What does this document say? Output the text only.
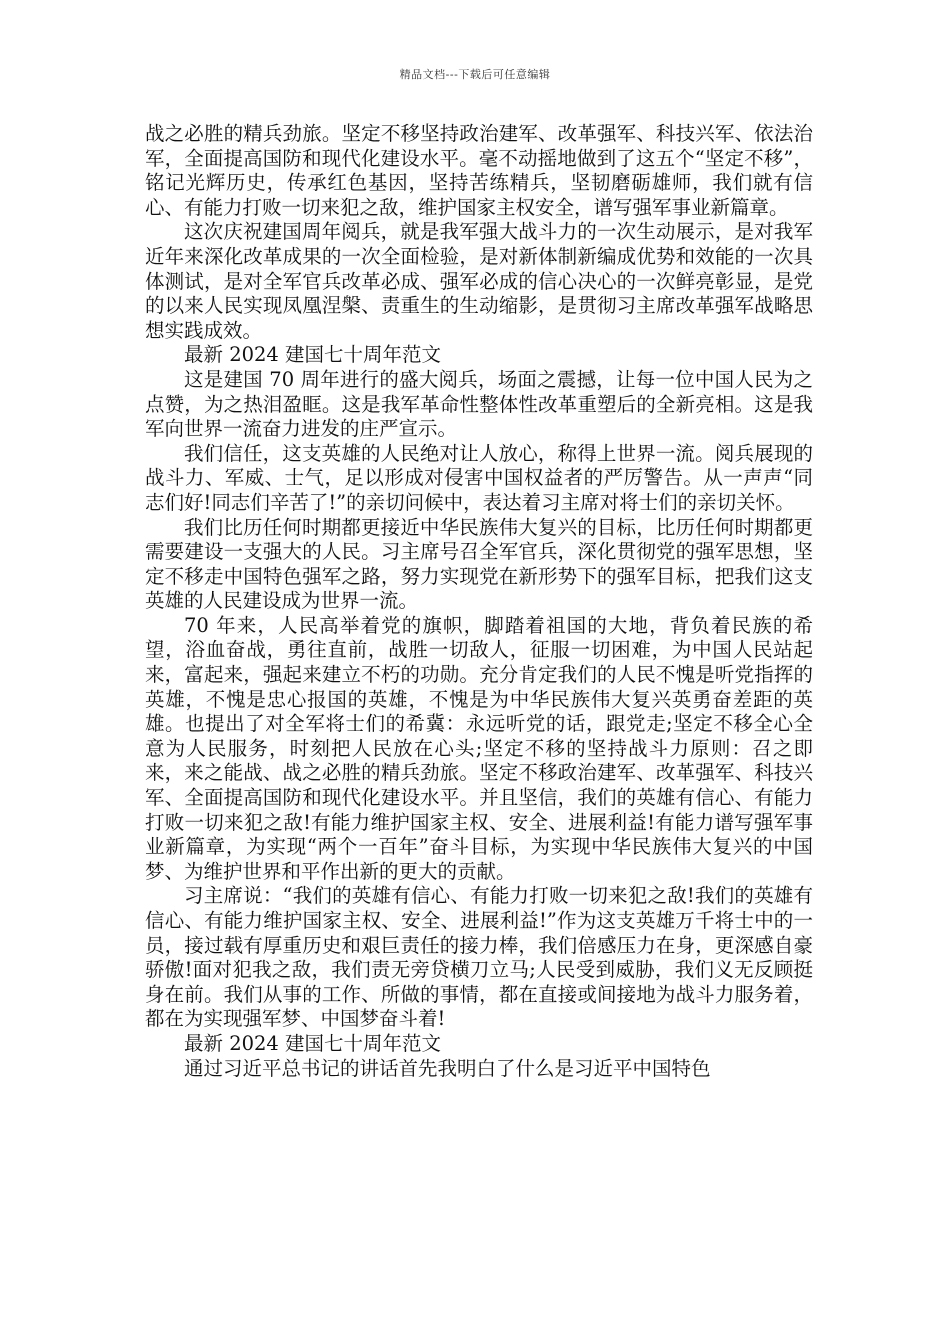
精品文档---下载后可任意编辑

战之必胜的精兵劲旅。坚定不移坚持政治建军、改革强军、科技兴军、依法治军，全面提高国防和现代化建设水平。毫不动摇地做到了这五个“坚定不移”，铭记光辉历史，传承红色基因，坚持苦练精兵，坚韧磨砺雄师，我们就有信心、有能力打败一切来犯之敌，维护国家主权安全，谱写强军事业新篇章。

这次庆祝建国周年阅兵，就是我军强大战斗力的一次生动展示，是对我军近年来深化改革成果的一次全面检验，是对新体制新编成优势和效能的一次具体测试，是对全军官兵改革必成、强军必成的信心决心的一次鲜亮彰显，是党的以来人民实现凤凰涅槃、责重生的生动缩影，是贯彻习主席改革强军战略思想实践成效。

最新 2024 建国七十周年范文

这是建国 70 周年进行的盛大阅兵，场面之震撼，让每一位中国人民为之点赞，为之热泪盈眶。这是我军革命性整体性改革重塑后的全新亮相。这是我军向世界一流奋力进发的庄严宣示。

我们信任，这支英雄的人民绝对让人放心，称得上世界一流。阅兵展现的战斗力、军威、士气，足以形成对侵害中国权益者的严厉警告。从一声声“同志们好!同志们辛苦了!”的亲切问候中，表达着习主席对将士们的亲切关怀。

我们比历任何时期都更接近中华民族伟大复兴的目标，比历任何时期都更需要建设一支强大的人民。习主席号召全军官兵，深化贯彻党的强军思想，坚定不移走中国特色强军之路，努力实现党在新形势下的强军目标，把我们这支英雄的人民建设成为世界一流。

70 年来，人民高举着党的旗帜，脚踏着祖国的大地，背负着民族的希望，浴血奋战，勇往直前，战胜一切敌人，征服一切困难，为中国人民站起来，富起来，强起来建立不朽的功勋。充分肯定我们的人民不愧是听党指挥的英雄，不愧是忠心报国的英雄，不愧是为中华民族伟大复兴英勇奋差距的英雄。也提出了对全军将士们的希冀：永远听党的话，跟党走;坚定不移全心全意为人民服务，时刻把人民放在心头;坚定不移的坚持战斗力原则：召之即来，来之能战、战之必胜的精兵劲旅。坚定不移政治建军、改革强军、科技兴军、全面提高国防和现代化建设水平。并且坚信，我们的英雄有信心、有能力打败一切来犯之敌!有能力维护国家主权、安全、进展利益!有能力谱写强军事业新篇章，为实现“两个一百年”奋斗目标，为实现中华民族伟大复兴的中国梦、为维护世界和平作出新的更大的贡献。

习主席说：“我们的英雄有信心、有能力打败一切来犯之敌!我们的英雄有信心、有能力维护国家主权、安全、进展利益!”作为这支英雄万千将士中的一员，接过载有厚重历史和艰巨责任的接力棒，我们倍感压力在身，更深感自豪骄傲!面对犯我之敌，我们责无旁贷横刀立马;人民受到威胁，我们义无反顾挺身在前。我们从事的工作、所做的事情，都在直接或间接地为战斗力服务着，都在为实现强军梦、中国梦奋斗着!

最新 2024 建国七十周年范文

通过习近平总书记的讲话首先我明白了什么是习近平中国特色
